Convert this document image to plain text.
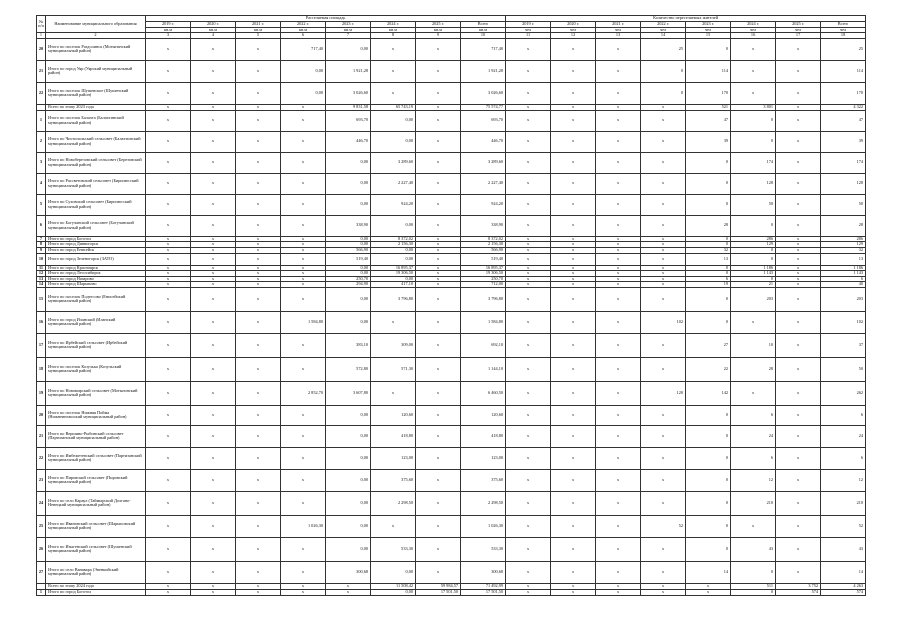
№ п/п	Наименование муниципального образования	Расселяемая площадь								Количество переселяемых жителей							
		2019 г.	2020 г.	2021 г.	2022 г.	2023 г.	2024 г.	2025 г.	Всего	2019 г.	2020 г.	2021 г.	2022 г.	2023 г.	2024 г.	2025 г.	Всего
		кв.м	кв.м	кв.м	кв.м	кв.м	кв.м	кв.м	кв.м	чел	чел	чел	чел	чел	чел	чел	чел
1	2	3	4	5	6	7	8	9	10	11	12	13	14	15	16	17	18
20	Итого по поселок Раздолинск (Мотыгинский муниципальный район)	x	x	x	717,40	0,00	x	x	717,40	x	x	x	25	0	x	x	25
21	Итого по город Уяр (Уярский муниципальный район)	x	x	x	0,00	1 921,28	x	x	1 921,28	x	x	x	0	114	x	x	114
22	Итого по поселок Шушенское (Шушенский муниципальный район)	x	x	x	0,00	3 026,60	x	x	3 026,60	x	x	x	0	170	x	x	170
	Всего по этапу 2023 года	x	x	x	x	9 831,58	65 743,19	x	75 574,77	x	x	x	x	521	3 801	x	4 322
1	Итого по поселок Балахта (Балахтинский муниципальный район)	x	x	x	x	693,70	0,00	x	693,70	x	x	x	x	47	0	x	47
2	Итого по Чистопольский сельсовет (Балахтинский муниципальный район)	x	x	x	x	446,70	0,00	x	446,70	x	x	x	x	39	0	x	39
3	Итого по Новоберезовский сельсовет (Березовский муниципальный район)	x	x	x	x	0,00	3 289,60	x	3 289,60	x	x	x	x	0	174	x	174
4	Итого по Рассветовский сельсовет (Бирилюсский муниципальный район)	x	x	x	x	0,00	2 227,40	x	2 227,40	x	x	x	x	0	128	x	128
5	Итого по Суховский сельсовет (Бирилюсский муниципальный район)	x	x	x	x	0,00	924,20	x	924,20	x	x	x	x	0	50	x	50
6	Итого по Богучанский сельсовет (Богучанский муниципальный район)	x	x	x	x	338,90	0,00	x	338,90	x	x	x	x	28	0	x	28
7	Итого по город Боготол	x	x	x	x	0,00	8 372,02	x	8 372,02	x	x	x	x	0	286	x	286
8	Итого по город Дивногорск	x	x	x	x	0,00	2 156,30	x	2 156,30	x	x	x	x	0	129	x	129
9	Итого по город Енисейск	x	x	x	x	566,90	0,00	x	566,90	x	x	x	x	32	0	x	32
10	Итого по город Зеленогорск (ЗАТО)	x	x	x	x	519,40	0,00	x	519,40	x	x	x	x	13	0	x	13
11	Итого по город Красноярск	x	x	x	x	0,00	16 895,37	x	16 895,37	x	x	x	x	0	1 186	x	1 186
12	Итого по город Лесосибирск	x	x	x	x	0,00	19 306,50	x	19 306,50	x	x	x	x	0	1 143	x	1 143
13	Итого по город Назарово	x	x	x	x	250,70	0,00	x	250,70	x	x	x	x	6	0	x	6
14	Итого по город Шарыпово	x	x	x	x	294,90	417,10	x	712,00	x	x	x	x	19	21	x	40
15	Итого по поселок Подтесово (Енисейский муниципальный район)	x	x	x	x	0,00	3 796,80	x	3 796,80	x	x	x	x	0	203	x	203
16	Итого по город Иланский (Иланский муниципальный район)	x	x	x	1 584,80	0,00	x	x	1 584,80	x	x	x	102	0	x	x	102
17	Итого по Ирбейский сельсовет (Ирбейский муниципальный район)	x	x	x	x	383,10	309,00	x	692,10	x	x	x	x	27	10	x	37
18	Итого по поселок Козулька (Козульский муниципальный район)	x	x	x	x	572,80	571,30	x	1 144,10	x	x	x	x	22	28	x	50
19	Итого по Новомирский сельсовет (Мотыгинский муниципальный район)	x	x	x	2 852,70	3 607,80	x	x	6 460,50	x	x	x	120	142	x	x	262
20	Итого по поселок Нижняя Пойма (Нижнеингашский муниципальный район)	x	x	x	x	0,00	120,60	x	120,60	x	x	x	x	0	6	x	6
21	Итого по Вершино-Рыбинский сельсовет (Партизанский муниципальный район)	x	x	x	x	0,00	418,80	x	418,80	x	x	x	x	0	24	x	24
22	Итого по Имбежетевский сельсовет (Партизанский муниципальный район)	x	x	x	x	0,00	123,00	x	123,00	x	x	x	x	0	6	x	6
23	Итого по Пировский сельсовет (Пировский муниципальный район)	x	x	x	x	0,00	375,60	x	375,60	x	x	x	x	0	12	x	12
24	Итого по село Караул (Таймырский Долгано-Ненецкий муниципальный район)	x	x	x	x	0,00	2 298,50	x	2 298,50	x	x	x	x	0	210	x	210
25	Итого по Ивановский сельсовет (Шарыповский муниципальный район)	x	x	x	1 026,30	0,00	x	x	1 026,30	x	x	x	52	0	x	x	52
26	Итого по Изыгенский сельсовет (Шушенский муниципальный район)	x	x	x	x	0,00	533,30	x	533,30	x	x	x	x	0	43	x	43
27	Итого по село Ванавара (Эвенкийский муниципальный район)	x	x	x	x	300,68	0,00	x	300,68	x	x	x	x	14	0	x	14
	Всего по этапу 2024 года	x	x	x	x	x	11 508,42	59 984,57	71 492,99	x	x	x	x	x	511	3 752	4 263
1	Итого по город Боготол	x	x	x	x	x	0,00	17 501,50	17 501,50	x	x	x	x	x	0	574	574
